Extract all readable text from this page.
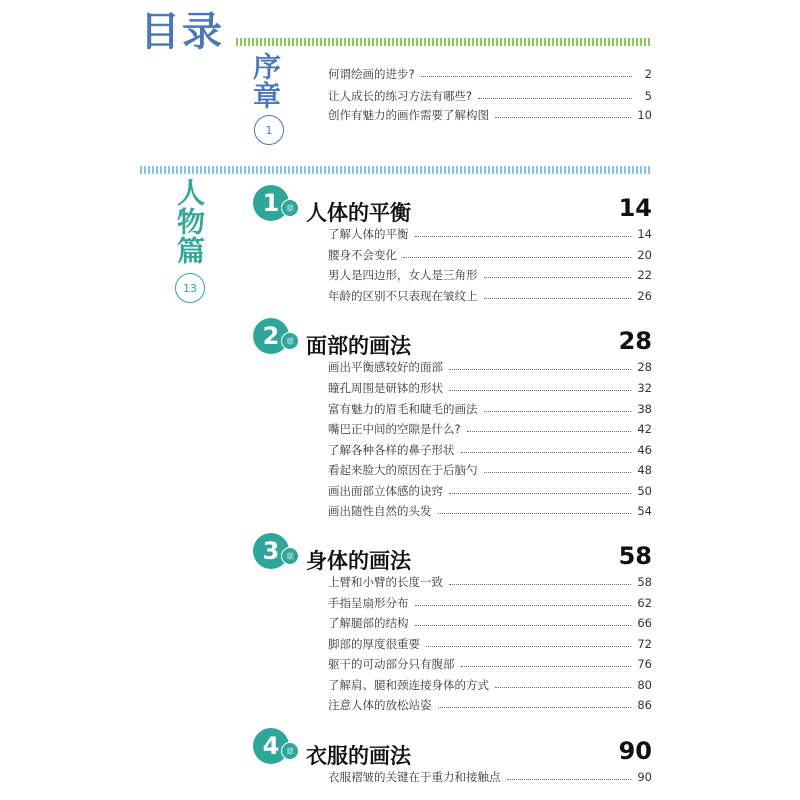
目录
序章
1
何谓绘画的进步?	2
让人成长的练习方法有哪些?	5
创作有魅力的画作需要了解构图	10
人物篇
13
1 章 人体的平衡	14
了解人体的平衡	14
腰身不会变化	20
男人是四边形，女人是三角形	22
年龄的区别不只表现在皱纹上	26
2 章 面部的画法	28
画出平衡感较好的面部	28
瞳孔周围是研钵的形状	32
富有魅力的眉毛和睫毛的画法	38
嘴巴正中间的空隙是什么?	42
了解各种各样的鼻子形状	46
看起来脸大的原因在于后脑勺	48
画出面部立体感的诀窍	50
画出随性自然的头发	54
3 章 身体的画法	58
上臂和小臂的长度一致	58
手指呈扇形分布	62
了解腿部的结构	66
脚部的厚度很重要	72
躯干的可动部分只有腹部	76
了解肩、腿和颈连接身体的方式	80
注意人体的放松站姿	86
4 章 衣服的画法	90
衣服褶皱的关键在于重力和接触点	90
